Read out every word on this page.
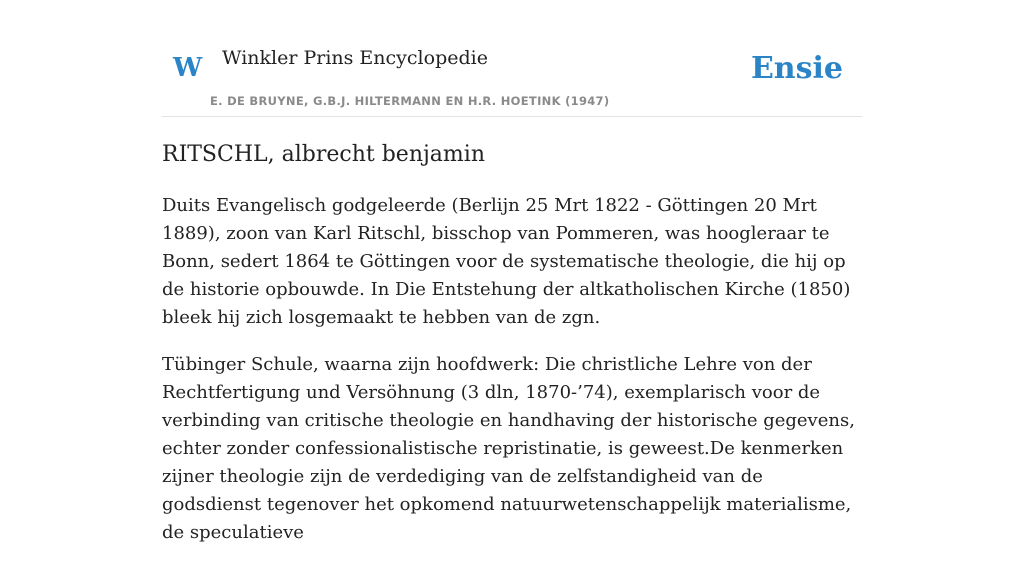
W Winkler Prins Encyclopedie
E. DE BRUYNE, G.B.J. HILTERMANN EN H.R. HOETINK (1947)
Ensie
RITSCHL, albrecht benjamin

Duits Evangelisch godgeleerde (Berlijn 25 Mrt 1822 - Göttingen 20 Mrt 1889), zoon van Karl Ritschl, bisschop van Pommeren, was hoogleraar te Bonn, sedert 1864 te Göttingen voor de systematische theologie, die hij op de historie opbouwde. In Die Entstehung der altkatholischen Kirche (1850) bleek hij zich losgemaakt te hebben van de zgn.

Tübinger Schule, waarna zijn hoofdwerk: Die christliche Lehre von der Rechtfertigung und Versöhnung (3 dln, 1870-’74), exemplarisch voor de verbinding van critische theologie en handhaving der historische gegevens, echter zonder confessionalistische repristinatie, is geweest.De kenmerken zijner theologie zijn de verdediging van de zelfstandigheid van de godsdienst tegenover het opkomend natuurwetenschappelijk materialisme, de speculatieve
